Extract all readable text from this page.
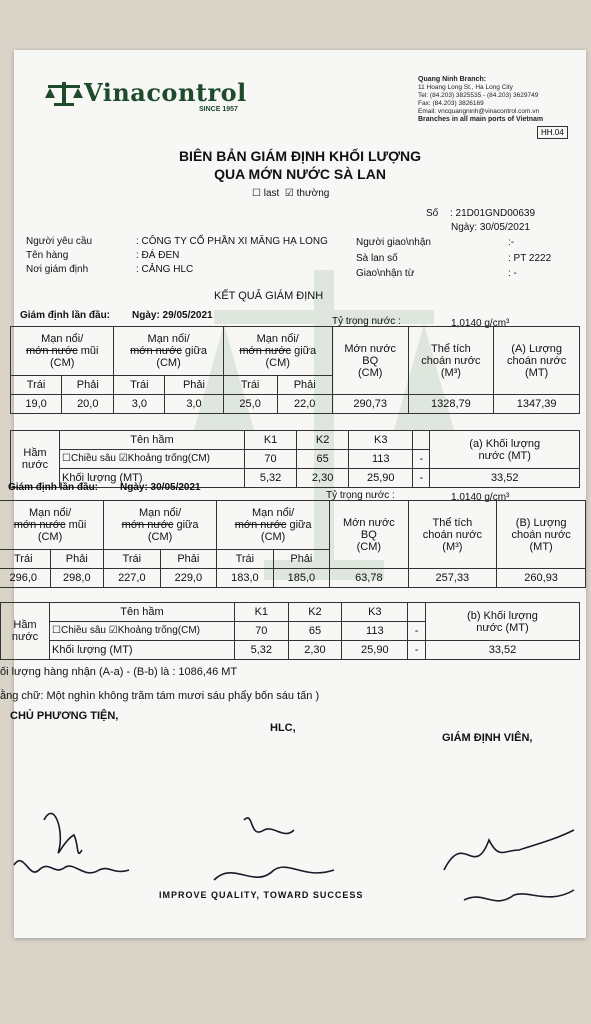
Vinacontrol
SINCE 1957
Quang Ninh Branch:
11 Hoang Long St., Ha Long City
Tel: (84.203) 3825535 - (84.203) 3629749
Fax: (84.203) 3826169
Email: vncquangninh@vinacontrol.com.vn
Branches in all main ports of Vietnam
HH.04
BIÊN BẢN GIÁM ĐỊNH KHỐI LƯỢNG
QUA MỚN NƯỚC SÀ LAN
☐ last ☑ thường
Số : 21D01GND00639
Ngày: 30/05/2021
Người yêu cầu	: CÔNG TY CỔ PHẦN XI MĂNG HẠ LONG	Người giao\nhận	:-
Tên hàng	: ĐÁ ĐEN	Sà lan số	: PT 2222
Nơi giám định	: CẢNG HLC	Giao\nhận từ	: -
KẾT QUẢ GIÁM ĐỊNH
Giám định lần đầu: Ngày: 29/05/2021
Tỷ trọng nước :	1,0140 g/cm³
Mạn nổi/
mớn nước mũi
(CM)		Mạn nổi/
mớn nước giữa
(CM)		Mạn nổi/
mớn nước giữa
(CM)		Mớn nước
BQ
(CM)	Thể tích
choán nước
(M³)	(A) Lượng
choán nước
(MT)
Trái	Phải	Trái	Phải	Trái	Phải			
19,0	20,0	3,0	3,0	25,0	22,0	290,73	1328,79	1347,39
Hầm
nước	Tên hầm	K1	K2	K3		(a) Khối lượng
nước (MT)
	☐Chiều sâu ☑Khoảng trống(CM)	70	65	113	-	
	Khối lượng (MT)	5,32	2,30	25,90	-	33,52
Giám định lần đầu: Ngày: 30/05/2021
Tỷ trọng nước :	1,0140 g/cm³
Mạn nổi/
mớn nước mũi
(CM)		Mạn nổi/
mớn nước giữa
(CM)		Mạn nổi/
mớn nước giữa
(CM)		Mớn nước
BQ
(CM)	Thể tích
choán nước
(M³)	(B) Lượng
choán nước
(MT)
Trái	Phải	Trái	Phải	Trái	Phải			
296,0	298,0	227,0	229,0	183,0	185,0	63,78	257,33	260,93
Hầm
nước	Tên hầm	K1	K2	K3		(b) Khối lượng
nước (MT)
	☐Chiều sâu ☑Khoảng trống(CM)	70	65	113	-	
	Khối lượng (MT)	5,32	2,30	25,90	-	33,52
ối lượng hàng nhận (A-a) - (B-b) là : 1086,46 MT
ằng chữ: Một nghìn không trăm tám mươi sáu phẩy bốn sáu tấn )
CHỦ PHƯƠNG TIỆN,
HLC,
GIÁM ĐỊNH VIÊN,
IMPROVE QUALITY, TOWARD SUCCESS
